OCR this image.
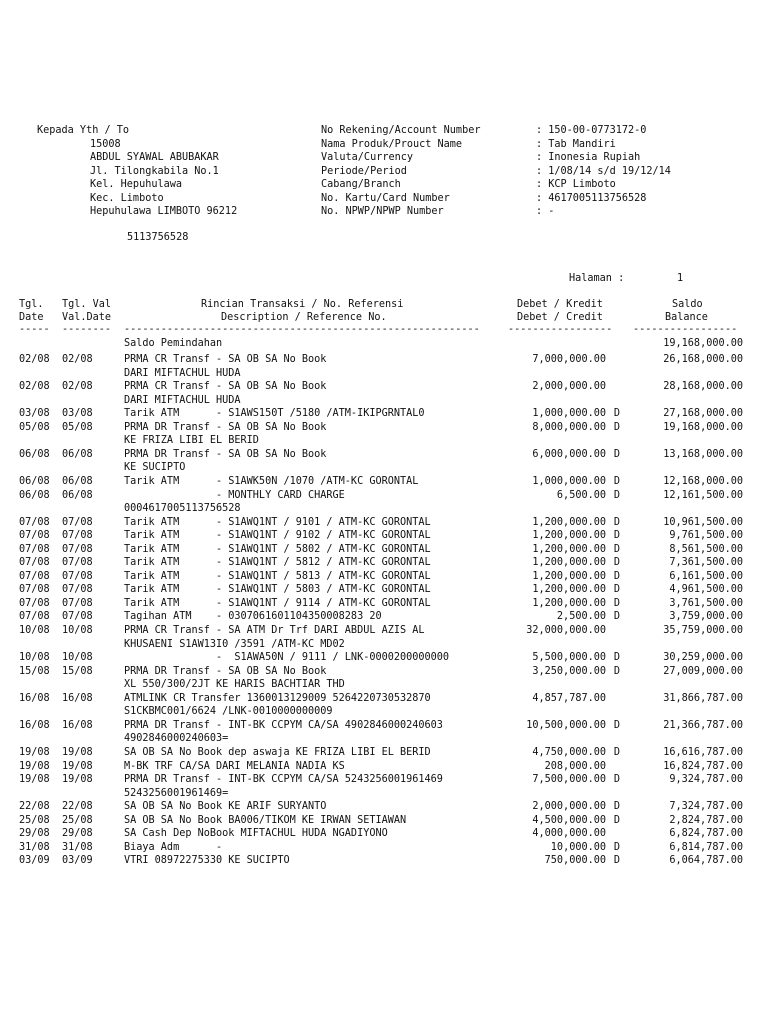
Kepada Yth / To
15008
ABDUL SYAWAL ABUBAKAR
Jl. Tilongkabila No.1
Kel. Hepuhulawa
Kec. Limboto
Hepuhulawa LIMBOTO 96212
5113756528
No Rekening/Account Number	: 150-00-0773172-0
Nama Produk/Prouct Name	: Tab Mandiri
Valuta/Currency	: Inonesia Rupiah
Periode/Period	: 1/08/14 s/d 19/12/14
Cabang/Branch	: KCP Limboto
No. Kartu/Card Number	: 4617005113756528
No. NPWP/NPWP Number	: -
Halaman :	1
Tgl. Tgl. Val	Rincian Transaksi / No. Referensi	Debet / Kredit	Saldo
Date Val.Date	Description / Reference No.	Debet / Credit	Balance
-----	--------	----------------------------------------------------------	-----------------	-----------------
Saldo Pemindahan	19,168,000.00
02/08 02/08	PRMA CR Transf - SA OB SA No Book	7,000,000.00	26,168,000.00
DARI MIFTACHUL HUDA
02/08 02/08	PRMA CR Transf - SA OB SA No Book	2,000,000.00	28,168,000.00
DARI MIFTACHUL HUDA
03/08 03/08	Tarik ATM      - S1AWS150T /5180 /ATM-IKIPGRNTAL0	1,000,000.00 D	27,168,000.00
05/08 05/08	PRMA DR Transf - SA OB SA No Book	8,000,000.00 D	19,168,000.00
KE FRIZA LIBI EL BERID
06/08 06/08	PRMA DR Transf - SA OB SA No Book	6,000,000.00 D	13,168,000.00
KE SUCIPTO
06/08 06/08	Tarik ATM      - S1AWK50N /1070 /ATM-KC GORONTAL	1,000,000.00 D	12,168,000.00
06/08 06/08	- MONTHLY CARD CHARGE	6,500.00 D	12,161,500.00
0004617005113756528
07/08 07/08	Tarik ATM      - S1AWQ1NT / 9101 / ATM-KC GORONTAL	1,200,000.00 D	10,961,500.00
07/08 07/08	Tarik ATM      - S1AWQ1NT / 9102 / ATM-KC GORONTAL	1,200,000.00 D	9,761,500.00
07/08 07/08	Tarik ATM      - S1AWQ1NT / 5802 / ATM-KC GORONTAL	1,200,000.00 D	8,561,500.00
07/08 07/08	Tarik ATM      - S1AWQ1NT / 5812 / ATM-KC GORONTAL	1,200,000.00 D	7,361,500.00
07/08 07/08	Tarik ATM      - S1AWQ1NT / 5813 / ATM-KC GORONTAL	1,200,000.00 D	6,161,500.00
07/08 07/08	Tarik ATM      - S1AWQ1NT / 5803 / ATM-KC GORONTAL	1,200,000.00 D	4,961,500.00
07/08 07/08	Tarik ATM      - S1AWQ1NT / 9114 / ATM-KC GORONTAL	1,200,000.00 D	3,761,500.00
07/08 07/08	Tagihan ATM    - 0307061601104350008283 20	2,500.00 D	3,759,000.00
10/08 10/08	PRMA CR Transf - SA ATM Dr Trf DARI ABDUL AZIS AL	32,000,000.00	35,759,000.00
KHUSAENI S1AW13I0 /3591 /ATM-KC MD02
10/08 10/08	-  S1AWA50N / 9111 / LNK-0000200000000	5,500,000.00 D	30,259,000.00
15/08 15/08	PRMA DR Transf - SA OB SA No Book	3,250,000.00 D	27,009,000.00
XL 550/300/2JT KE HARIS BACHTIAR THD
16/08 16/08	ATMLINK CR Transfer 1360013129009 5264220730532870	4,857,787.00	31,866,787.00
S1CKBMC001/6624 /LNK-0010000000009
16/08 16/08	PRMA DR Transf - INT-BK CCPYM CA/SA 4902846000240603	10,500,000.00 D	21,366,787.00
4902846000240603=
19/08 19/08	SA OB SA No Book dep aswaja KE FRIZA LIBI EL BERID	4,750,000.00 D	16,616,787.00
19/08 19/08	M-BK TRF CA/SA DARI MELANIA NADIA KS	208,000.00	16,824,787.00
19/08 19/08	PRMA DR Transf - INT-BK CCPYM CA/SA 5243256001961469	7,500,000.00 D	9,324,787.00
5243256001961469=
22/08 22/08	SA OB SA No Book KE ARIF SURYANTO	2,000,000.00 D	7,324,787.00
25/08 25/08	SA OB SA No Book BA006/TIKOM KE IRWAN SETIAWAN	4,500,000.00 D	2,824,787.00
29/08 29/08	SA Cash Dep NoBook MIFTACHUL HUDA NGADIYONO	4,000,000.00	6,824,787.00
31/08 31/08	Biaya Adm      -	10,000.00 D	6,814,787.00
03/09 03/09	VTRI 08972275330 KE SUCIPTO	750,000.00 D	6,064,787.00
